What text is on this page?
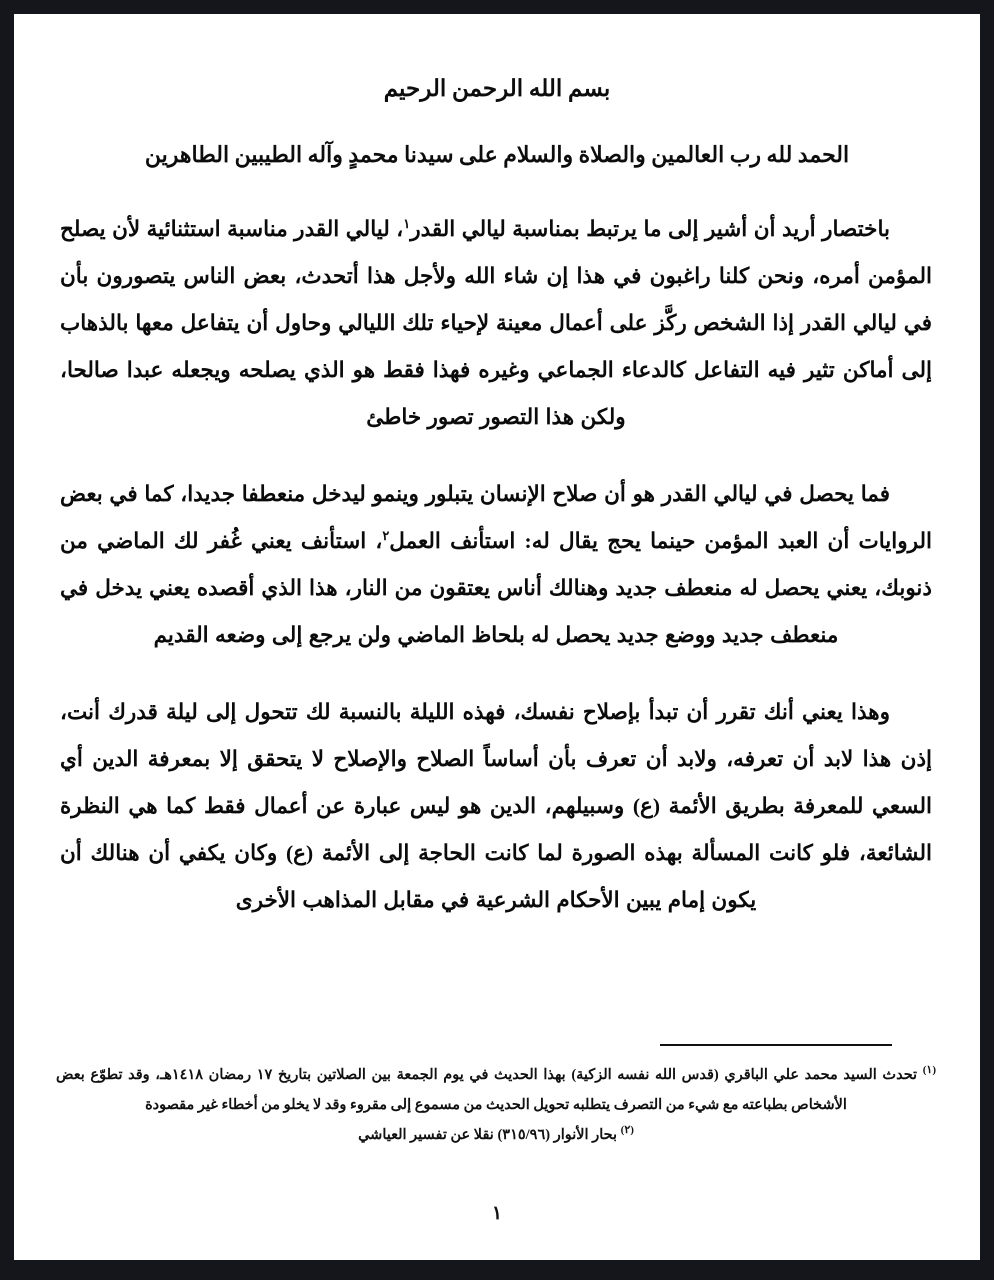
بسم الله الرحمن الرحيم
الحمد لله رب العالمين والصلاة والسلام على سيدنا محمدٍ وآله الطيبين الطاهرين

باختصار أريد أن أشير إلى ما يرتبط بمناسبة ليالي القدر$^١$، ليالي القدر مناسبة استثنائية لأن يصلح المؤمن أمره، ونحن كلنا راغبون في هذا إن شاء الله ولأجل هذا أتحدث، بعض الناس يتصورون بأن في ليالي القدر إذا الشخص ركَّز على أعمال معينة لإحياء تلك الليالي وحاول أن يتفاعل معها بالذهاب إلى أماكن تثير فيه التفاعل كالدعاء الجماعي وغيره فهذا فقط هو الذي يصلحه ويجعله عبدا صالحا، ولكن هذا التصور تصور خاطئ

فما يحصل في ليالي القدر هو أن صلاح الإنسان يتبلور وينمو ليدخل منعطفا جديدا، كما في بعض الروايات أن العبد المؤمن حينما يحج يقال له: استأنف العمل$^٢$، استأنف يعني غُفر لك الماضي من ذنوبك، يعني يحصل له منعطف جديد وهنالك أناس يعتقون من النار، هذا الذي أقصده يعني يدخل في منعطف جديد ووضع جديد يحصل له بلحاظ الماضي ولن يرجع إلى وضعه القديم

وهذا يعني أنك تقرر أن تبدأ بإصلاح نفسك، فهذه الليلة بالنسبة لك تتحول إلى ليلة قدرك أنت، إذن هذا لابد أن تعرفه، ولابد أن تعرف بأن أساساً الصلاح والإصلاح لا يتحقق إلا بمعرفة الدين أي السعي للمعرفة بطريق الأئمة (ع) وسبيلهم، الدين هو ليس عبارة عن أعمال فقط كما هي النظرة الشائعة، فلو كانت المسألة بهذه الصورة لما كانت الحاجة إلى الأئمة (ع) وكان يكفي أن هنالك أن يكون إمام يبين الأحكام الشرعية في مقابل المذاهب الأخرى

$^{(١)}$ تحدث السيد محمد علي الباقري (قدس الله نفسه الزكية) بهذا الحديث في يوم الجمعة بين الصلاتين بتاريخ ١٧ رمضان ١٤١٨هـ، وقد تطوّع بعض الأشخاص بطباعته مع شيء من التصرف يتطلبه تحويل الحديث من مسموع إلى مقروء وقد لا يخلو من أخطاء غير مقصودة

$^{(٢)}$ بحار الأنوار (٣١٥/٩٦) نقلا عن تفسير العياشي

١
